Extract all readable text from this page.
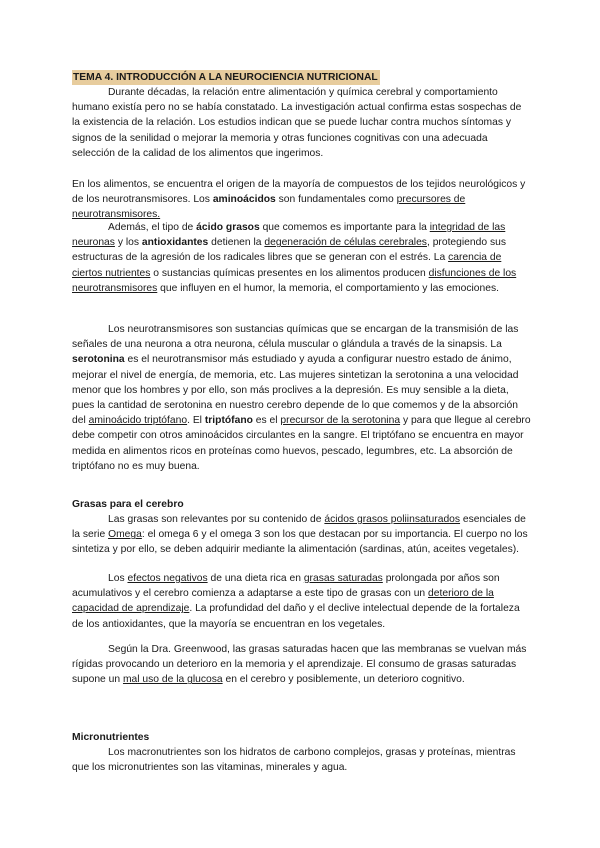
TEMA 4. INTRODUCCIÓN A LA NEUROCIENCIA NUTRICIONAL

Durante décadas, la relación entre alimentación y química cerebral y comportamiento humano existía pero no se había constatado. La investigación actual confirma estas sospechas de la existencia de la relación. Los estudios indican que se puede luchar contra muchos síntomas y signos de la senilidad o mejorar la memoria y otras funciones cognitivas con una adecuada selección de la calidad de los alimentos que ingerimos.

En los alimentos, se encuentra el origen de la mayoría de compuestos de los tejidos neurológicos y de los neurotransmisores. Los aminoácidos son fundamentales como precursores de neurotransmisores.

Además, el tipo de ácido grasos que comemos es importante para la integridad de las neuronas y los antioxidantes detienen la degeneración de células cerebrales, protegiendo sus estructuras de la agresión de los radicales libres que se generan con el estrés. La carencia de ciertos nutrientes o sustancias químicas presentes en los alimentos producen disfunciones de los neurotransmisores que influyen en el humor, la memoria, el comportamiento y las emociones.

Los neurotransmisores son sustancias químicas que se encargan de la transmisión de las señales de una neurona a otra neurona, célula muscular o glándula a través de la sinapsis. La serotonina es el neurotransmisor más estudiado y ayuda a configurar nuestro estado de ánimo, mejorar el nivel de energía, de memoria, etc. Las mujeres sintetizan la serotonina a una velocidad menor que los hombres y por ello, son más proclives a la depresión. Es muy sensible a la dieta, pues la cantidad de serotonina en nuestro cerebro depende de lo que comemos y de la absorción del aminoácido triptófano. El triptófano es el precursor de la serotonina y para que llegue al cerebro debe competir con otros aminoácidos circulantes en la sangre. El triptófano se encuentra en mayor medida en alimentos ricos en proteínas como huevos, pescado, legumbres, etc. La absorción de triptófano no es muy buena.

Grasas para el cerebro

Las grasas son relevantes por su contenido de ácidos grasos poliinsaturados esenciales de la serie Omega: el omega 6 y el omega 3 son los que destacan por su importancia. El cuerpo no los sintetiza y por ello, se deben adquirir mediante la alimentación (sardinas, atún, aceites vegetales).

Los efectos negativos de una dieta rica en grasas saturadas prolongada por años son acumulativos y el cerebro comienza a adaptarse a este tipo de grasas con un deterioro de la capacidad de aprendizaje. La profundidad del daño y el declive intelectual depende de la fortaleza de los antioxidantes, que la mayoría se encuentran en los vegetales.

Según la Dra. Greenwood, las grasas saturadas hacen que las membranas se vuelvan más rígidas provocando un deterioro en la memoria y el aprendizaje. El consumo de grasas saturadas supone un mal uso de la glucosa en el cerebro y posiblemente, un deterioro cognitivo.

Micronutrientes

Los macronutrientes son los hidratos de carbono complejos, grasas y proteínas, mientras que los micronutrientes son las vitaminas, minerales y agua.
